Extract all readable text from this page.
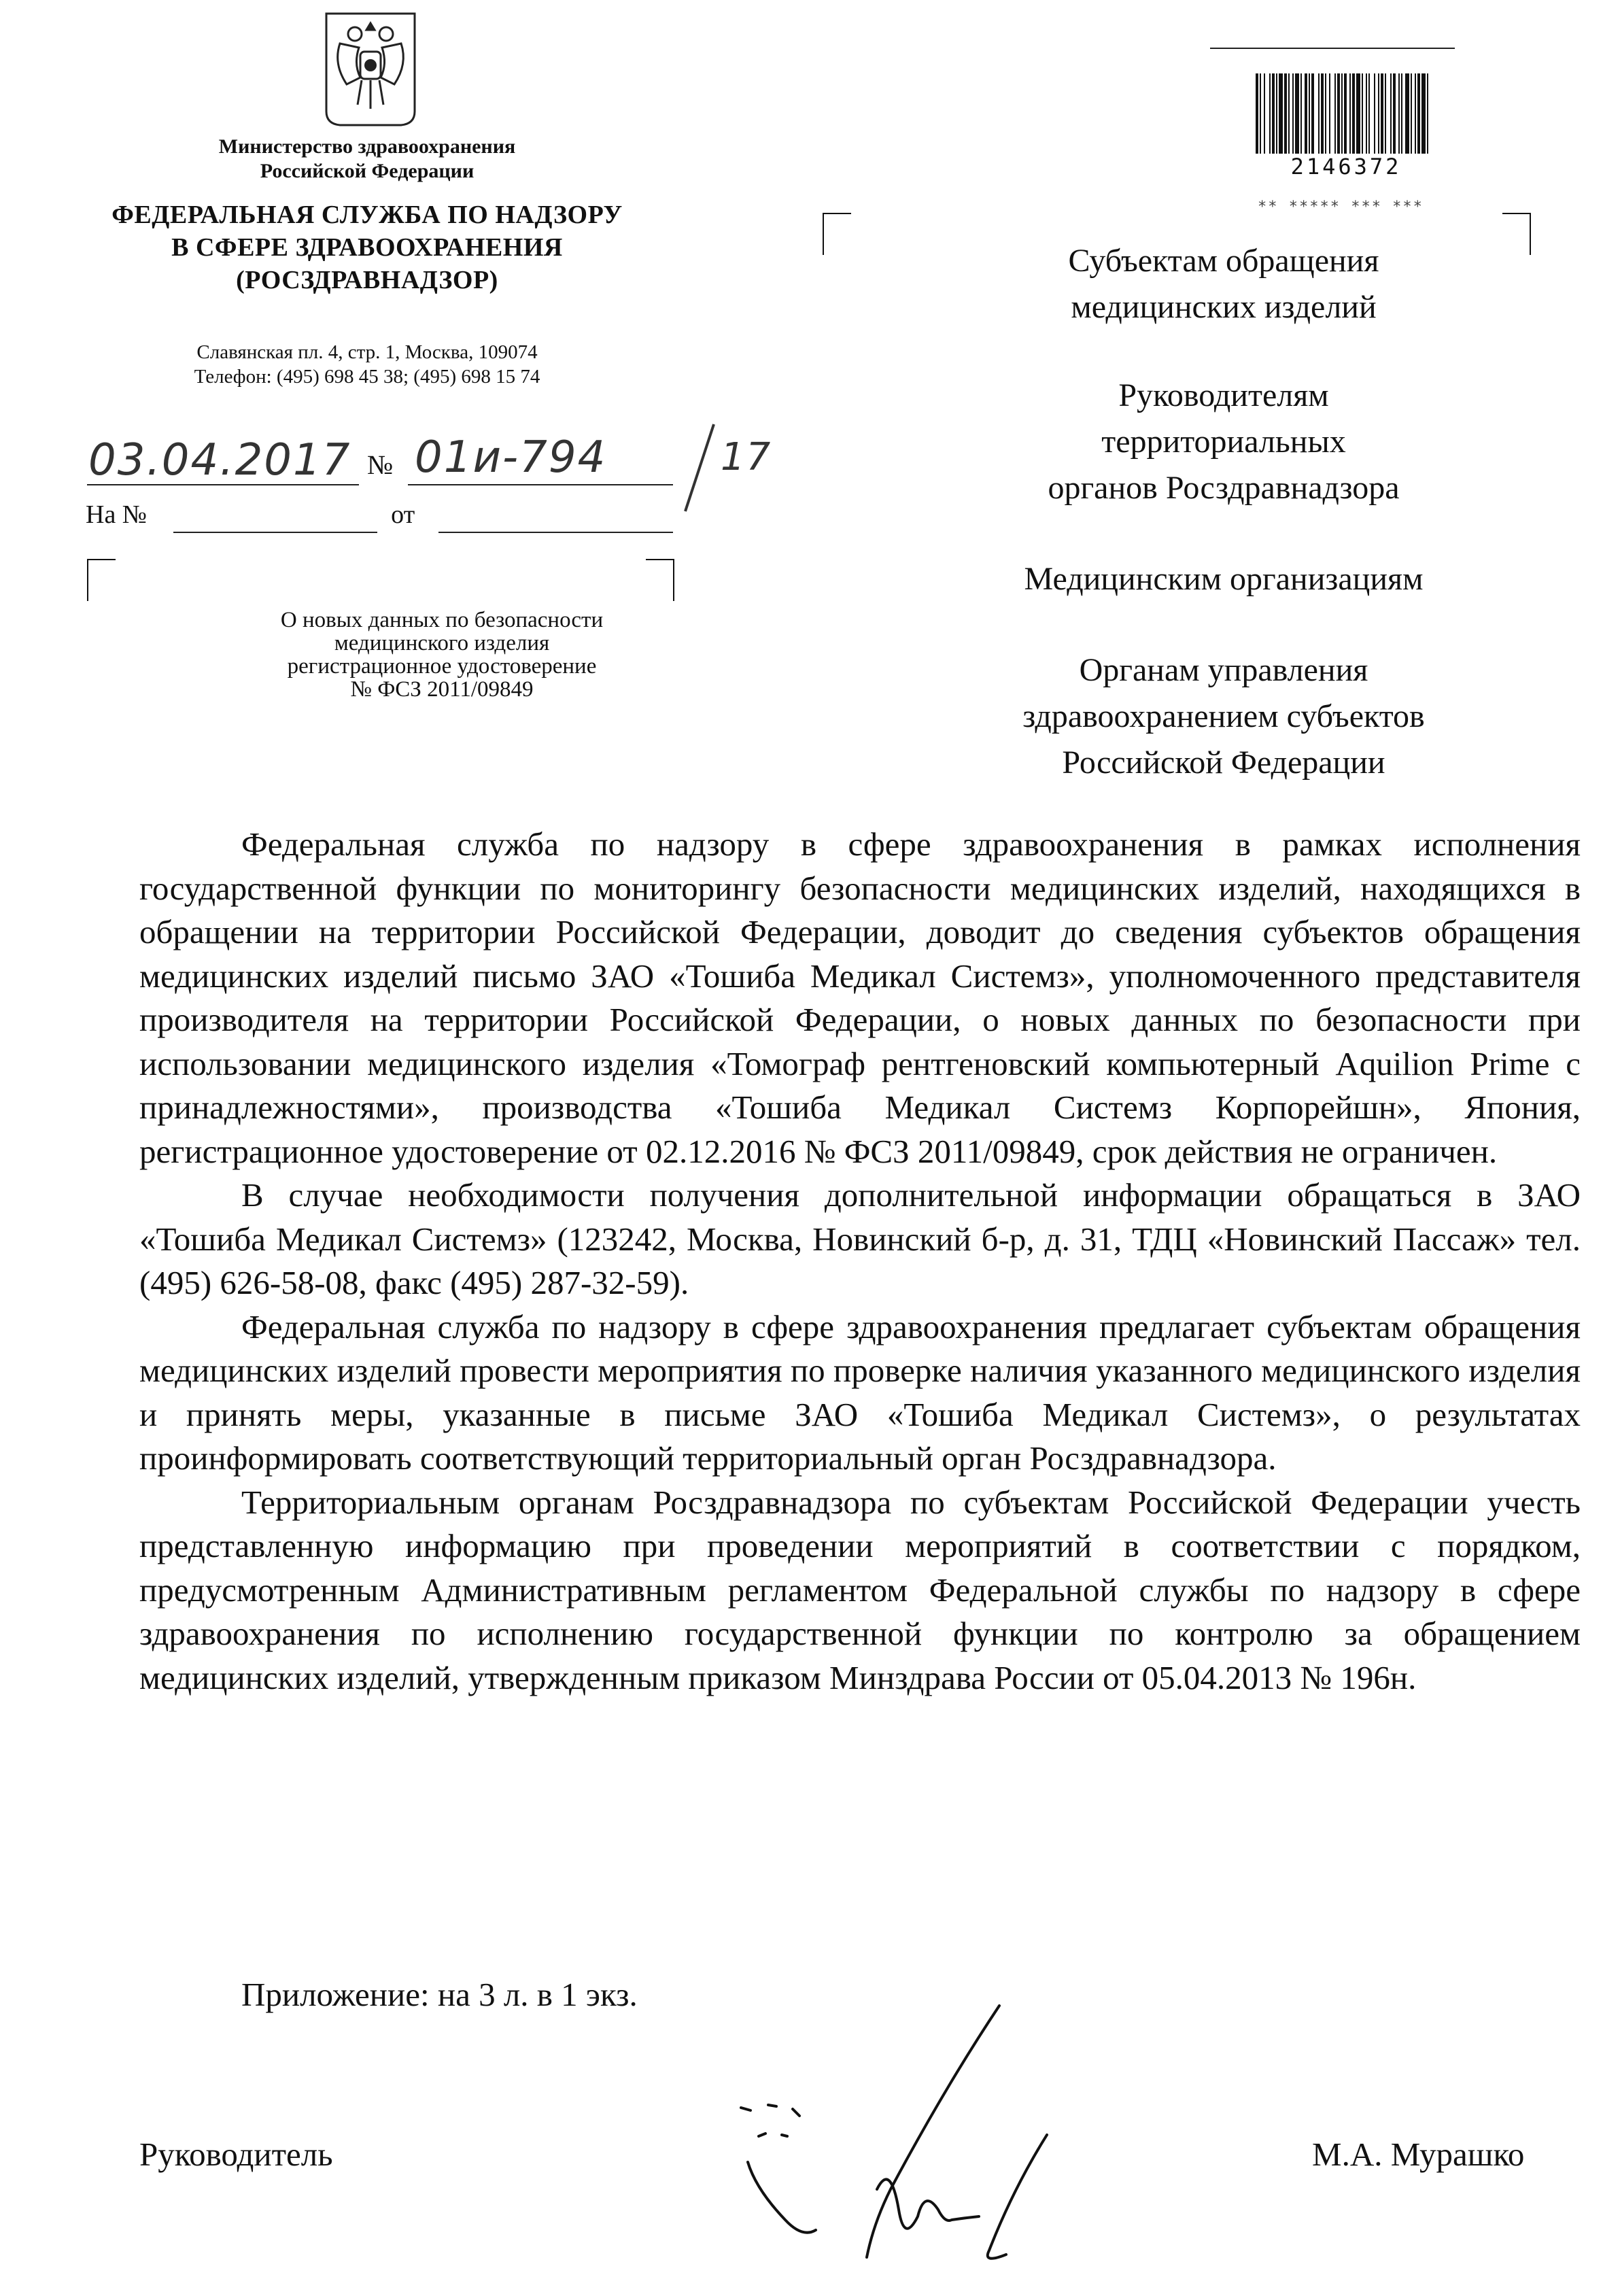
Министерство здравоохранения
Российской Федерации
ФЕДЕРАЛЬНАЯ СЛУЖБА ПО НАДЗОРУ
В СФЕРЕ ЗДРАВООХРАНЕНИЯ
(РОСЗДРАВНАДЗОР)
Славянская пл. 4, стр. 1, Москва, 109074
Телефон: (495) 698 45 38; (495) 698 15 74
03.04.2017 № 01и-794	17
На №	от
О новых данных по безопасности
медицинского изделия
регистрационное удостоверение
№ ФСЗ 2011/09849
2146372
** ***** *** ***
Субъектам обращения
медицинских изделий
Руководителям
территориальных
органов Росздравнадзора
Медицинским организациям
Органам управления
здравоохранением субъектов
Российской Федерации

Федеральная служба по надзору в сфере здравоохранения в рамках исполнения государственной функции по мониторингу безопасности медицинских изделий, находящихся в обращении на территории Российской Федерации, доводит до сведения субъектов обращения медицинских изделий письмо ЗАО «Тошиба Медикал Системз», уполномоченного представителя производителя на территории Российской Федерации, о новых данных по безопасности при использовании медицинского изделия «Томограф рентгеновский компьютерный Aquilion Prime с принадлежностями», производства «Тошиба Медикал Системз Корпорейшн», Япония, регистрационное удостоверение от 02.12.2016 № ФСЗ 2011/09849, срок действия не ограничен.

В случае необходимости получения дополнительной информации обращаться в ЗАО «Тошиба Медикал Системз» (123242, Москва, Новинский б-р, д. 31, ТДЦ «Новинский Пассаж» тел. (495) 626-58-08, факс (495) 287-32-59).

Федеральная служба по надзору в сфере здравоохранения предлагает субъектам обращения медицинских изделий провести мероприятия по проверке наличия указанного медицинского изделия и принять меры, указанные в письме ЗАО «Тошиба Медикал Системз», о результатах проинформировать соответствующий территориальный орган Росздравнадзора.

Территориальным органам Росздравнадзора по субъектам Российской Федерации учесть представленную информацию при проведении мероприятий в соответствии с порядком, предусмотренным Административным регламентом Федеральной службы по надзору в сфере здравоохранения по исполнению государственной функции по контролю за обращением медицинских изделий, утвержденным приказом Минздрава России от 05.04.2013 № 196н.

Приложение: на 3 л. в 1 экз.
Руководитель	М.А. Мурашко
